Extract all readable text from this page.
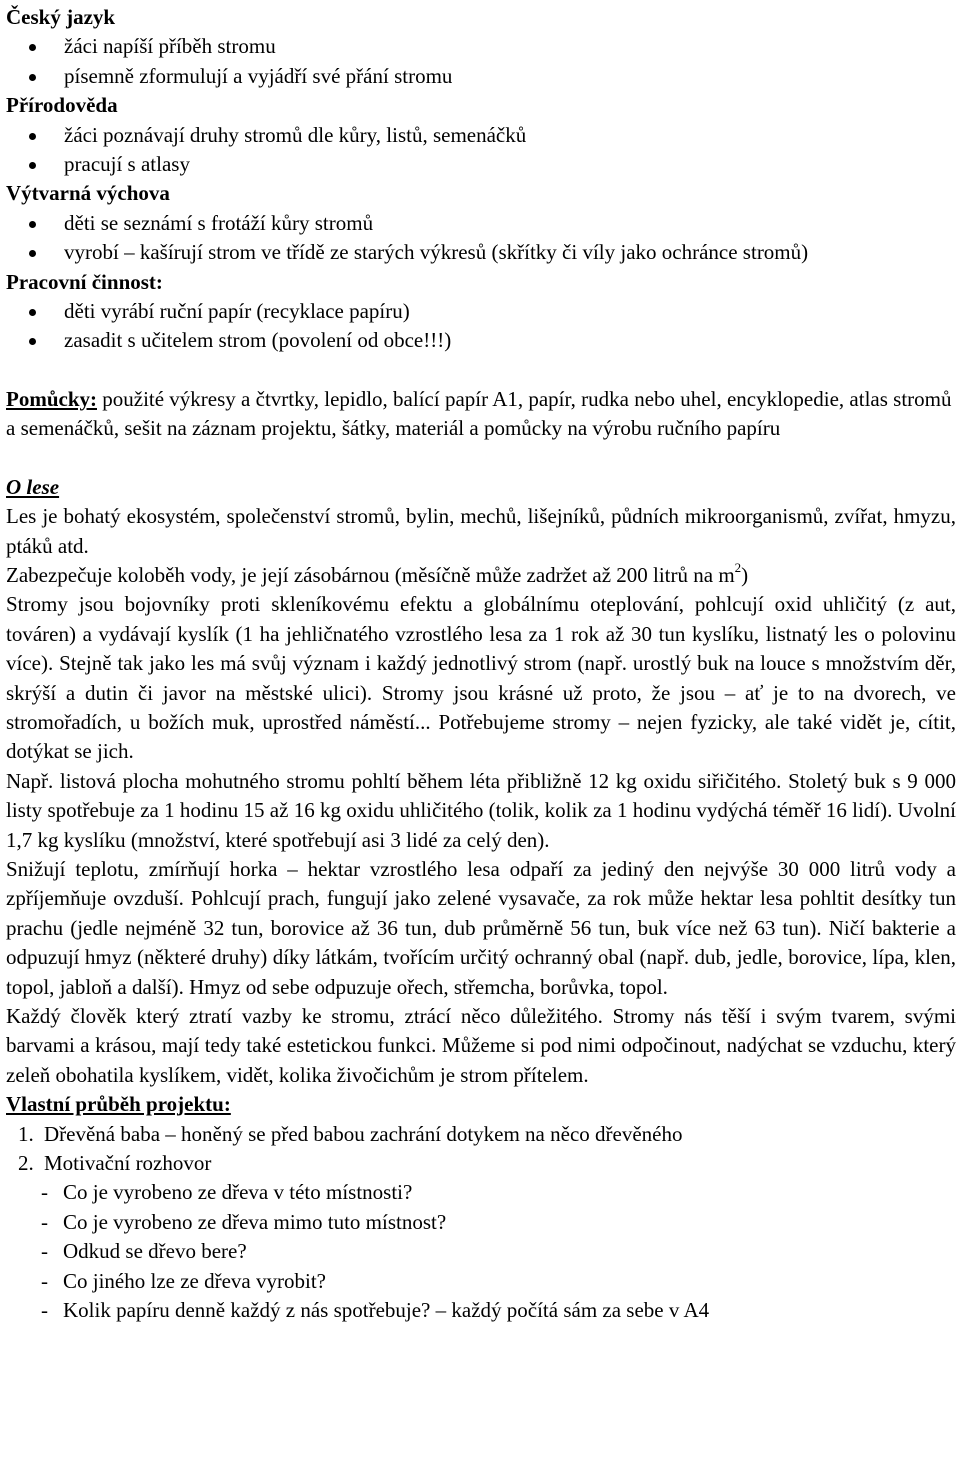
Český jazyk
žáci napíší příběh stromu
písemně zformulují a vyjádří své přání stromu
Přírodověda
žáci poznávají druhy stromů dle kůry, listů, semenáčků
pracují s atlasy
Výtvarná výchova
děti se seznámí s frotáží kůry stromů
vyrobí – kašírují strom ve třídě ze starých výkresů (skřítky či víly jako ochránce stromů)
Pracovní činnost:
děti vyrábí ruční papír (recyklace papíru)
zasadit s učitelem strom (povolení od obce!!!)
Pomůcky: použité výkresy a čtvrtky, lepidlo, balící papír A1, papír, rudka nebo uhel, encyklopedie, atlas stromů a semenáčků, sešit na záznam projektu, šátky, materiál a pomůcky na výrobu ručního papíru
O lese
Les je bohatý ekosystém, společenství stromů, bylin, mechů, lišejníků, půdních mikroorganismů, zvířat, hmyzu, ptáků atd.
Zabezpečuje koloběh vody, je její zásobárnou (měsíčně může zadržet až 200 litrů na $m^2$)
Stromy jsou bojovníky proti skleníkovému efektu a globálnímu oteplování, pohlcují oxid uhličitý (z aut, továren) a vydávají kyslík (1 ha jehličnatého vzrostlého lesa za 1 rok až 30 tun kyslíku, listnatý les o polovinu více). Stejně tak jako les má svůj význam i každý jednotlivý strom (např. urostlý buk na louce s množstvím děr, skrýší a dutin či javor na městské ulici). Stromy jsou krásné už proto, že jsou – ať je to na dvorech, ve stromořadích, u božích muk, uprostřed náměstí... Potřebujeme stromy – nejen fyzicky, ale také vidět je, cítit, dotýkat se jich.
Např. listová plocha mohutného stromu pohltí během léta přibližně 12 kg oxidu siřičitého. Stoletý buk s 9 000 listy spotřebuje za 1 hodinu 15 až 16 kg oxidu uhličitého (tolik, kolik za 1 hodinu vydýchá téměř 16 lidí). Uvolní 1,7 kg kyslíku (množství, které spotřebují asi 3 lidé za celý den).
Snižují teplotu, zmírňují horka – hektar vzrostlého lesa odpaří za jediný den nejvýše 30 000 litrů vody a zpříjemňuje ovzduší. Pohlcují prach, fungují jako zelené vysavače, za rok může hektar lesa pohltit desítky tun prachu (jedle nejméně 32 tun, borovice až 36 tun, dub průměrně 56 tun, buk více než 63 tun). Ničí bakterie a odpuzují hmyz (některé druhy) díky látkám, tvořícím určitý ochranný obal (např. dub, jedle, borovice, lípa, klen, topol, jabloň a další). Hmyz od sebe odpuzuje ořech, střemcha, borůvka, topol.
Každý člověk který ztratí vazby ke stromu, ztrácí něco důležitého. Stromy nás těší i svým tvarem, svými barvami a krásou, mají tedy také estetickou funkci. Můžeme si pod nimi odpočinout, nadýchat se vzduchu, který zeleň obohatila kyslíkem, vidět, kolika živočichům je strom přítelem.
Vlastní průběh projektu:
1. Dřevěná baba – honěný se před babou zachrání dotykem na něco dřevěného
2. Motivační rozhovor
- Co je vyrobeno ze dřeva v této místnosti?
- Co je vyrobeno ze dřeva mimo tuto místnost?
- Odkud se dřevo bere?
- Co jiného lze ze dřeva vyrobit?
- Kolik papíru denně každý z nás spotřebuje? – každý počítá sám za sebe v A4
